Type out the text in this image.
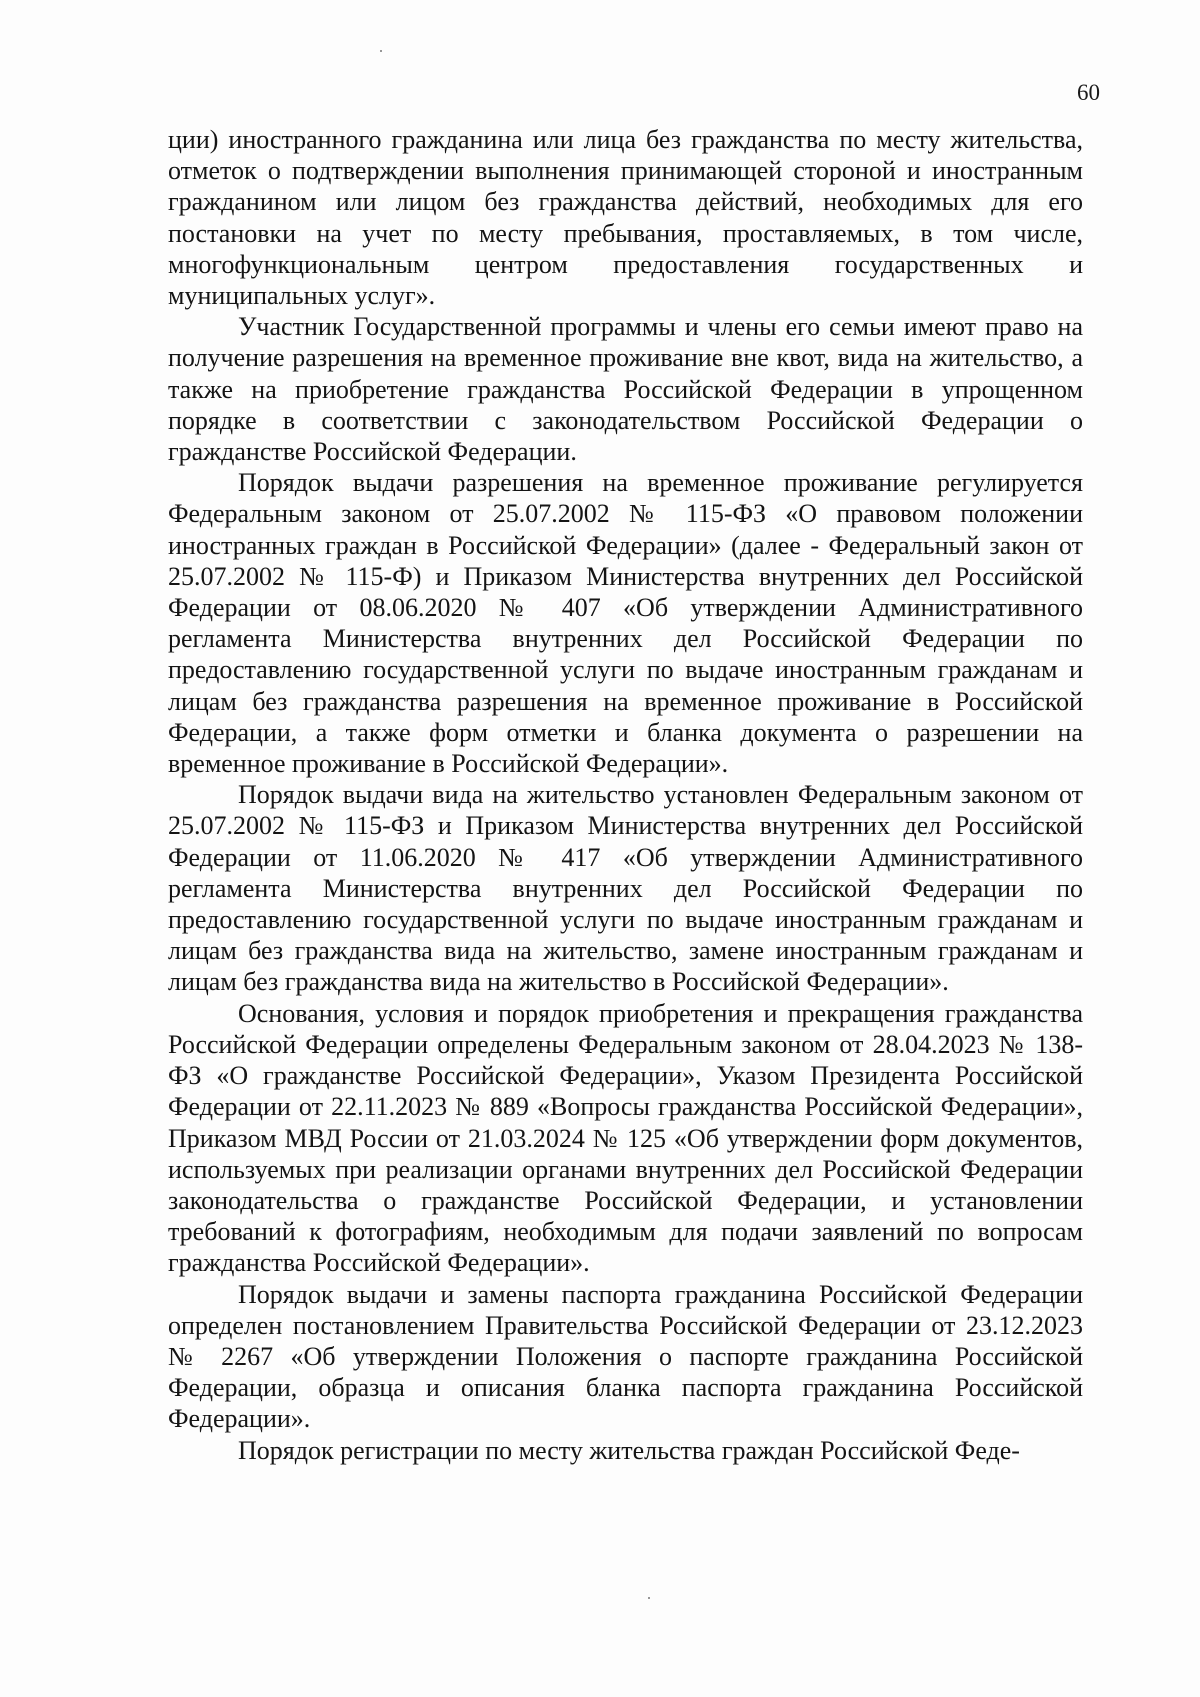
60

ции) иностранного гражданина или лица без гражданства по месту жительства, отметок о подтверждении выполнения принимающей стороной и иностранным гражданином или лицом без гражданства действий, необходимых для его постановки на учет по месту пребывания, проставляемых, в том числе, многофункциональным центром предоставления государственных и муниципальных услуг».

Участник Государственной программы и члены его семьи имеют право на получение разрешения на временное проживание вне квот, вида на жительство, а также на приобретение гражданства Российской Федерации в упрощенном порядке в соответствии с законодательством Российской Федерации о гражданстве Российской Федерации.

Порядок выдачи разрешения на временное проживание регулируется Федеральным законом от 25.07.2002 № 115-ФЗ «О правовом положении иностранных граждан в Российской Федерации» (далее - Федеральный закон от 25.07.2002 № 115-Ф) и Приказом Министерства внутренних дел Российской Федерации от 08.06.2020 № 407 «Об утверждении Административного регламента Министерства внутренних дел Российской Федерации по предоставлению государственной услуги по выдаче иностранным гражданам и лицам без гражданства разрешения на временное проживание в Российской Федерации, а также форм отметки и бланка документа о разрешении на временное проживание в Российской Федерации».

Порядок выдачи вида на жительство установлен Федеральным законом от 25.07.2002 № 115-ФЗ и Приказом Министерства внутренних дел Российской Федерации от 11.06.2020 № 417 «Об утверждении Административного регламента Министерства внутренних дел Российской Федерации по предоставлению государственной услуги по выдаче иностранным гражданам и лицам без гражданства вида на жительство, замене иностранным гражданам и лицам без гражданства вида на жительство в Российской Федерации».

Основания, условия и порядок приобретения и прекращения гражданства Российской Федерации определены Федеральным законом от 28.04.2023 № 138-ФЗ «О гражданстве Российской Федерации», Указом Президента Российской Федерации от 22.11.2023 № 889 «Вопросы гражданства Российской Федерации», Приказом МВД России от 21.03.2024 № 125 «Об утверждении форм документов, используемых при реализации органами внутренних дел Российской Федерации законодательства о гражданстве Российской Федерации, и установлении требований к фотографиям, необходимым для подачи заявлений по вопросам гражданства Российской Федерации».

Порядок выдачи и замены паспорта гражданина Российской Федерации определен постановлением Правительства Российской Федерации от 23.12.2023 № 2267 «Об утверждении Положения о паспорте гражданина Российской Федерации, образца и описания бланка паспорта гражданина Российской Федерации».

Порядок регистрации по месту жительства граждан Российской Феде-
